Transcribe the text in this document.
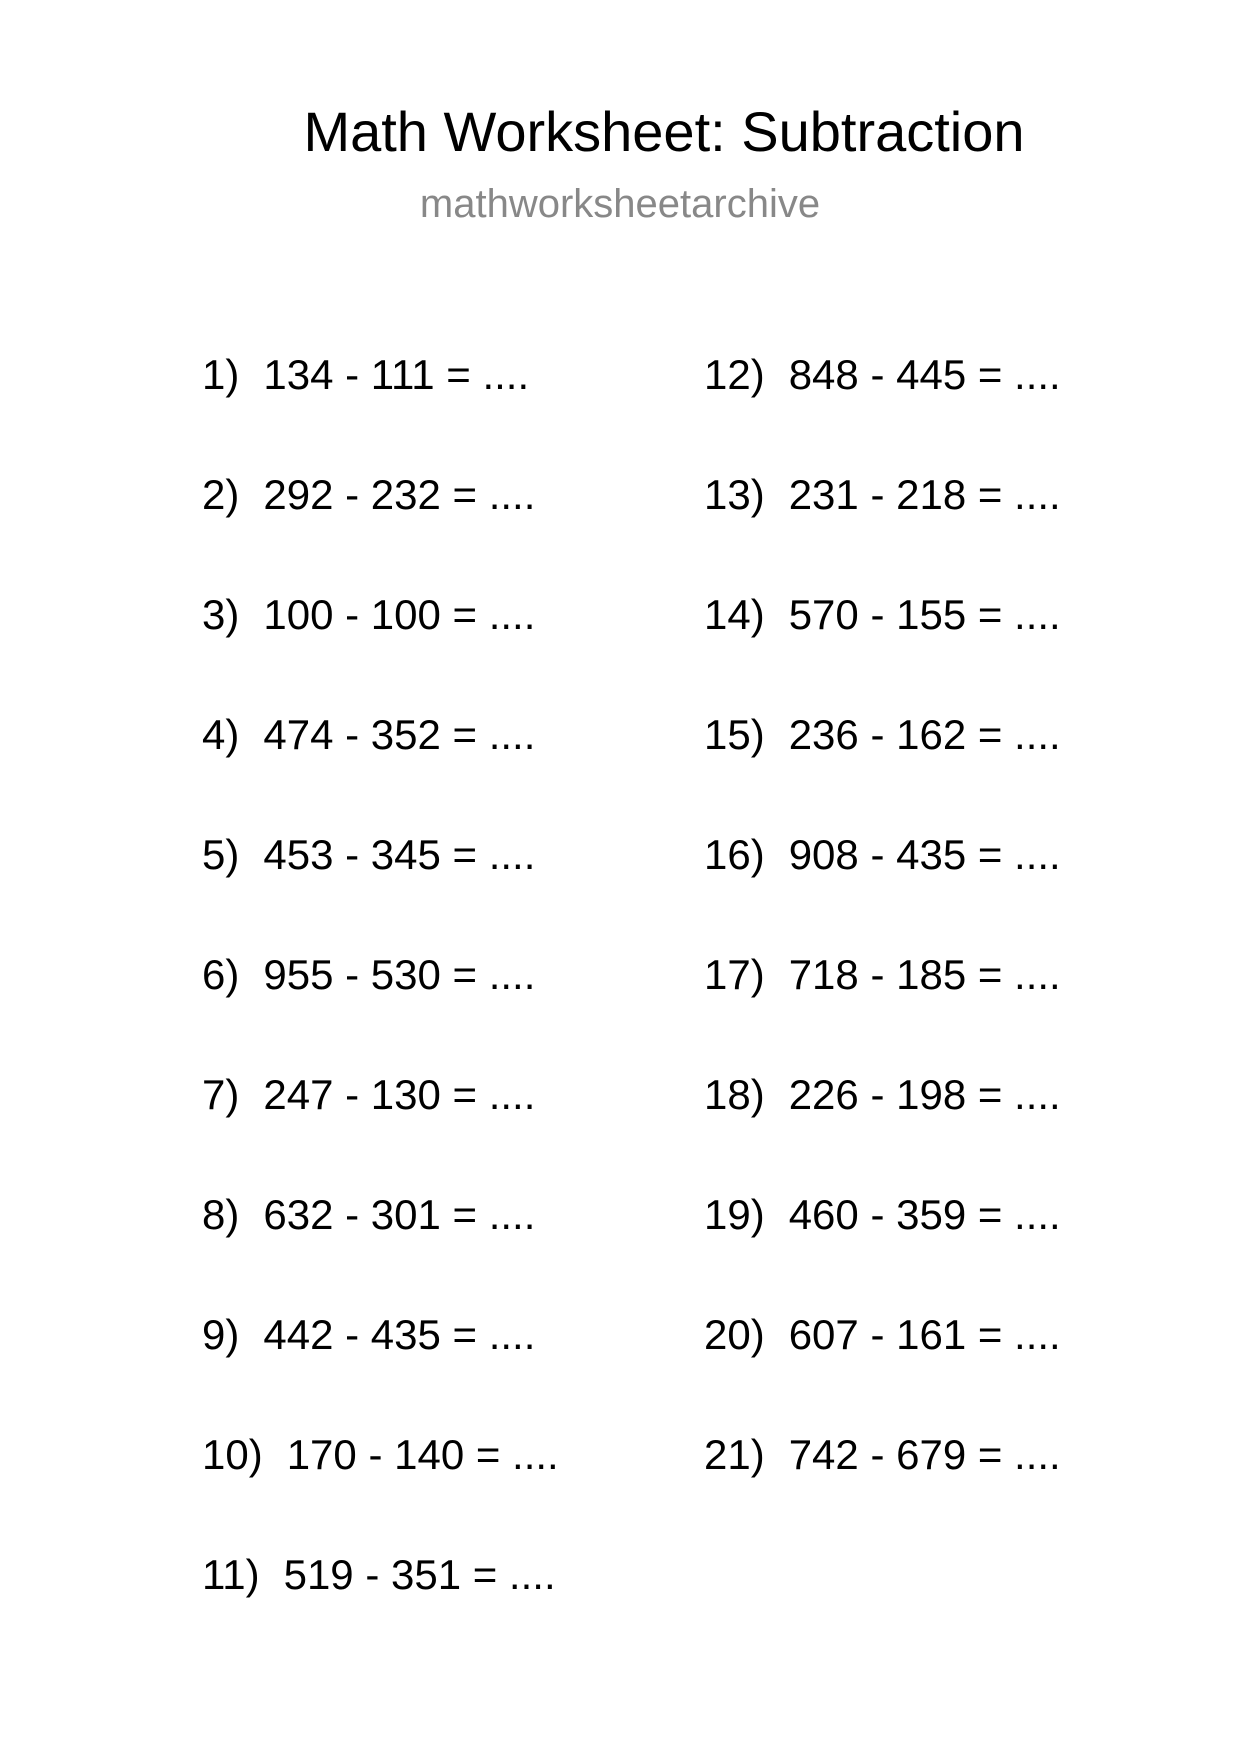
Math Worksheet: Subtraction
mathworksheetarchive
1) 134 - 111 = ....
2) 292 - 232 = ....
3) 100 - 100 = ....
4) 474 - 352 = ....
5) 453 - 345 = ....
6) 955 - 530 = ....
7) 247 - 130 = ....
8) 632 - 301 = ....
9) 442 - 435 = ....
10) 170 - 140 = ....
11) 519 - 351 = ....
12) 848 - 445 = ....
13) 231 - 218 = ....
14) 570 - 155 = ....
15) 236 - 162 = ....
16) 908 - 435 = ....
17) 718 - 185 = ....
18) 226 - 198 = ....
19) 460 - 359 = ....
20) 607 - 161 = ....
21) 742 - 679 = ....
